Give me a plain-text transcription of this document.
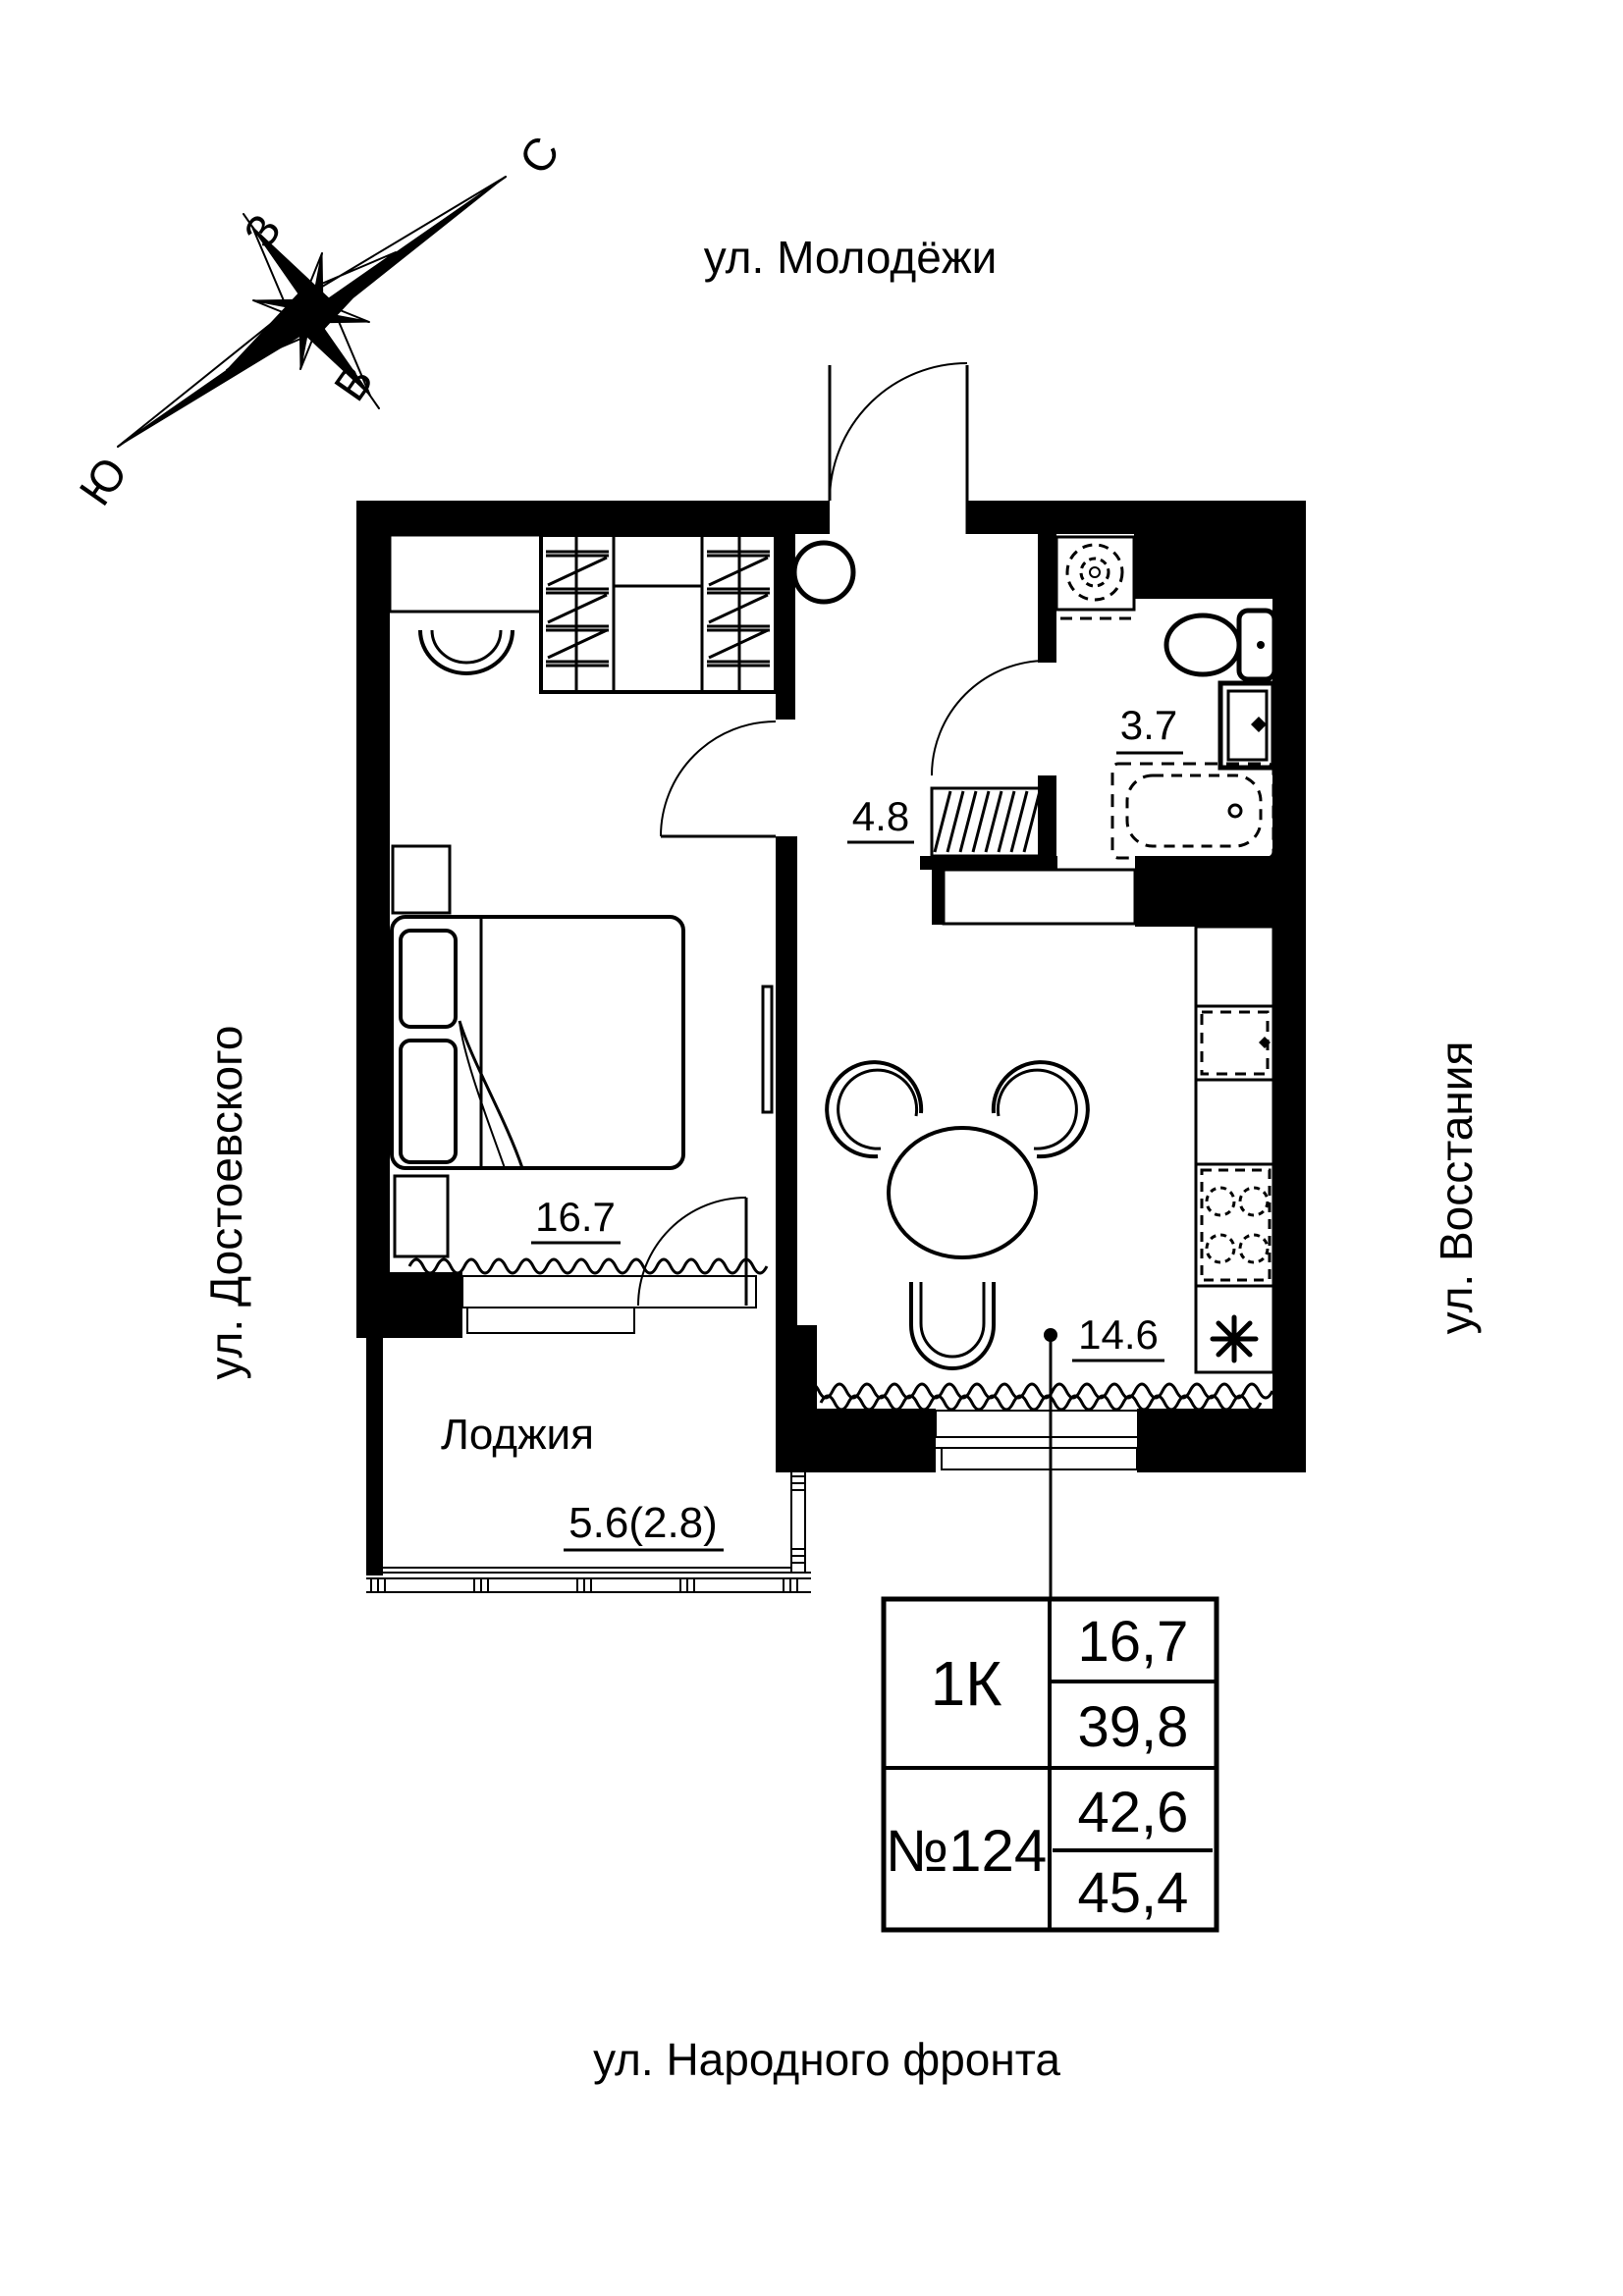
С
З
В
Ю
ул. Молодёжи
ул. Народного фронта
ул. Достоевского	ул. Восстания
16.7
4.8
3.7
14.6
Лоджия
5.6(2.8)
1К
№124
16,7
39,8
42,6
45,4
